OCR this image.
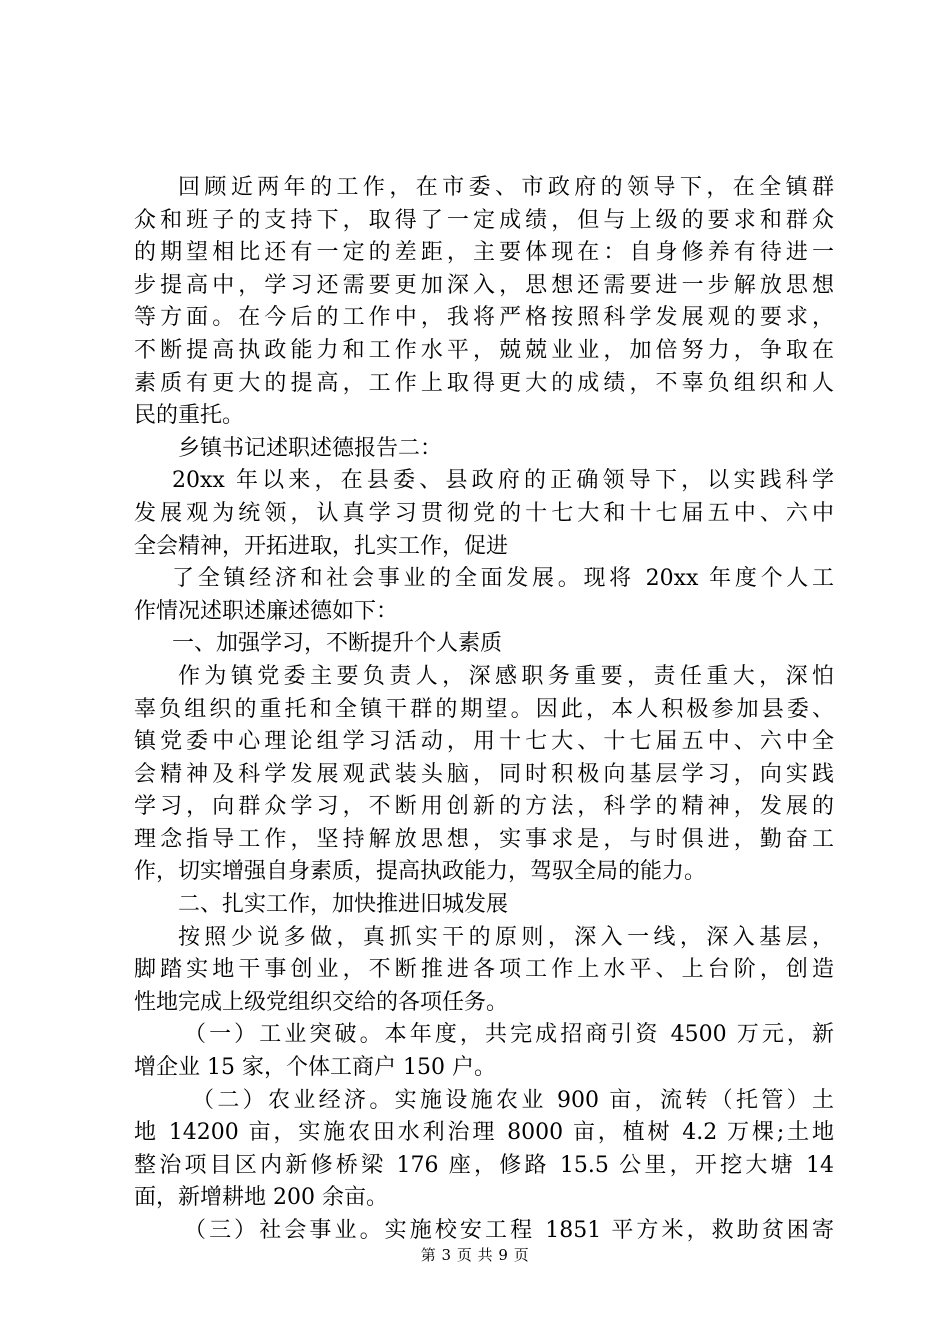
回顾近两年的工作，在市委、市政府的领导下，在全镇群
众和班子的支持下，取得了一定成绩，但与上级的要求和群众
的期望相比还有一定的差距，主要体现在：自身修养有待进一
步提高中，学习还需要更加深入，思想还需要进一步解放思想
等方面。在今后的工作中，我将严格按照科学发展观的要求，
不断提高执政能力和工作水平，兢兢业业，加倍努力，争取在
素质有更大的提高，工作上取得更大的成绩，不辜负组织和人
民的重托。
乡镇书记述职述德报告二：
20xx 年以来，在县委、县政府的正确领导下，以实践科学
发展观为统领，认真学习贯彻党的十七大和十七届五中、六中
全会精神，开拓进取，扎实工作，促进
了全镇经济和社会事业的全面发展。现将 20xx 年度个人工
作情况述职述廉述德如下：
一、加强学习，不断提升个人素质
作为镇党委主要负责人，深感职务重要，责任重大，深怕
辜负组织的重托和全镇干群的期望。因此，本人积极参加县委、
镇党委中心理论组学习活动，用十七大、十七届五中、六中全
会精神及科学发展观武装头脑，同时积极向基层学习，向实践
学习，向群众学习，不断用创新的方法，科学的精神，发展的
理念指导工作，坚持解放思想，实事求是，与时俱进，勤奋工
作，切实增强自身素质，提高执政能力，驾驭全局的能力。
二、扎实工作，加快推进旧城发展
按照少说多做，真抓实干的原则，深入一线，深入基层，
脚踏实地干事创业，不断推进各项工作上水平、上台阶，创造
性地完成上级党组织交给的各项任务。
（一）工业突破。本年度，共完成招商引资 4500 万元，新
增企业 15 家，个体工商户 150 户。
（二）农业经济。实施设施农业 900 亩，流转（托管）土
地 14200 亩，实施农田水利治理 8000 亩，植树 4.2 万棵;土地
整治项目区内新修桥梁 176 座，修路 15.5 公里，开挖大塘 14
面，新增耕地 200 余亩。
（三）社会事业。实施校安工程 1851 平方米，救助贫困寄
第 3 页 共 9 页
